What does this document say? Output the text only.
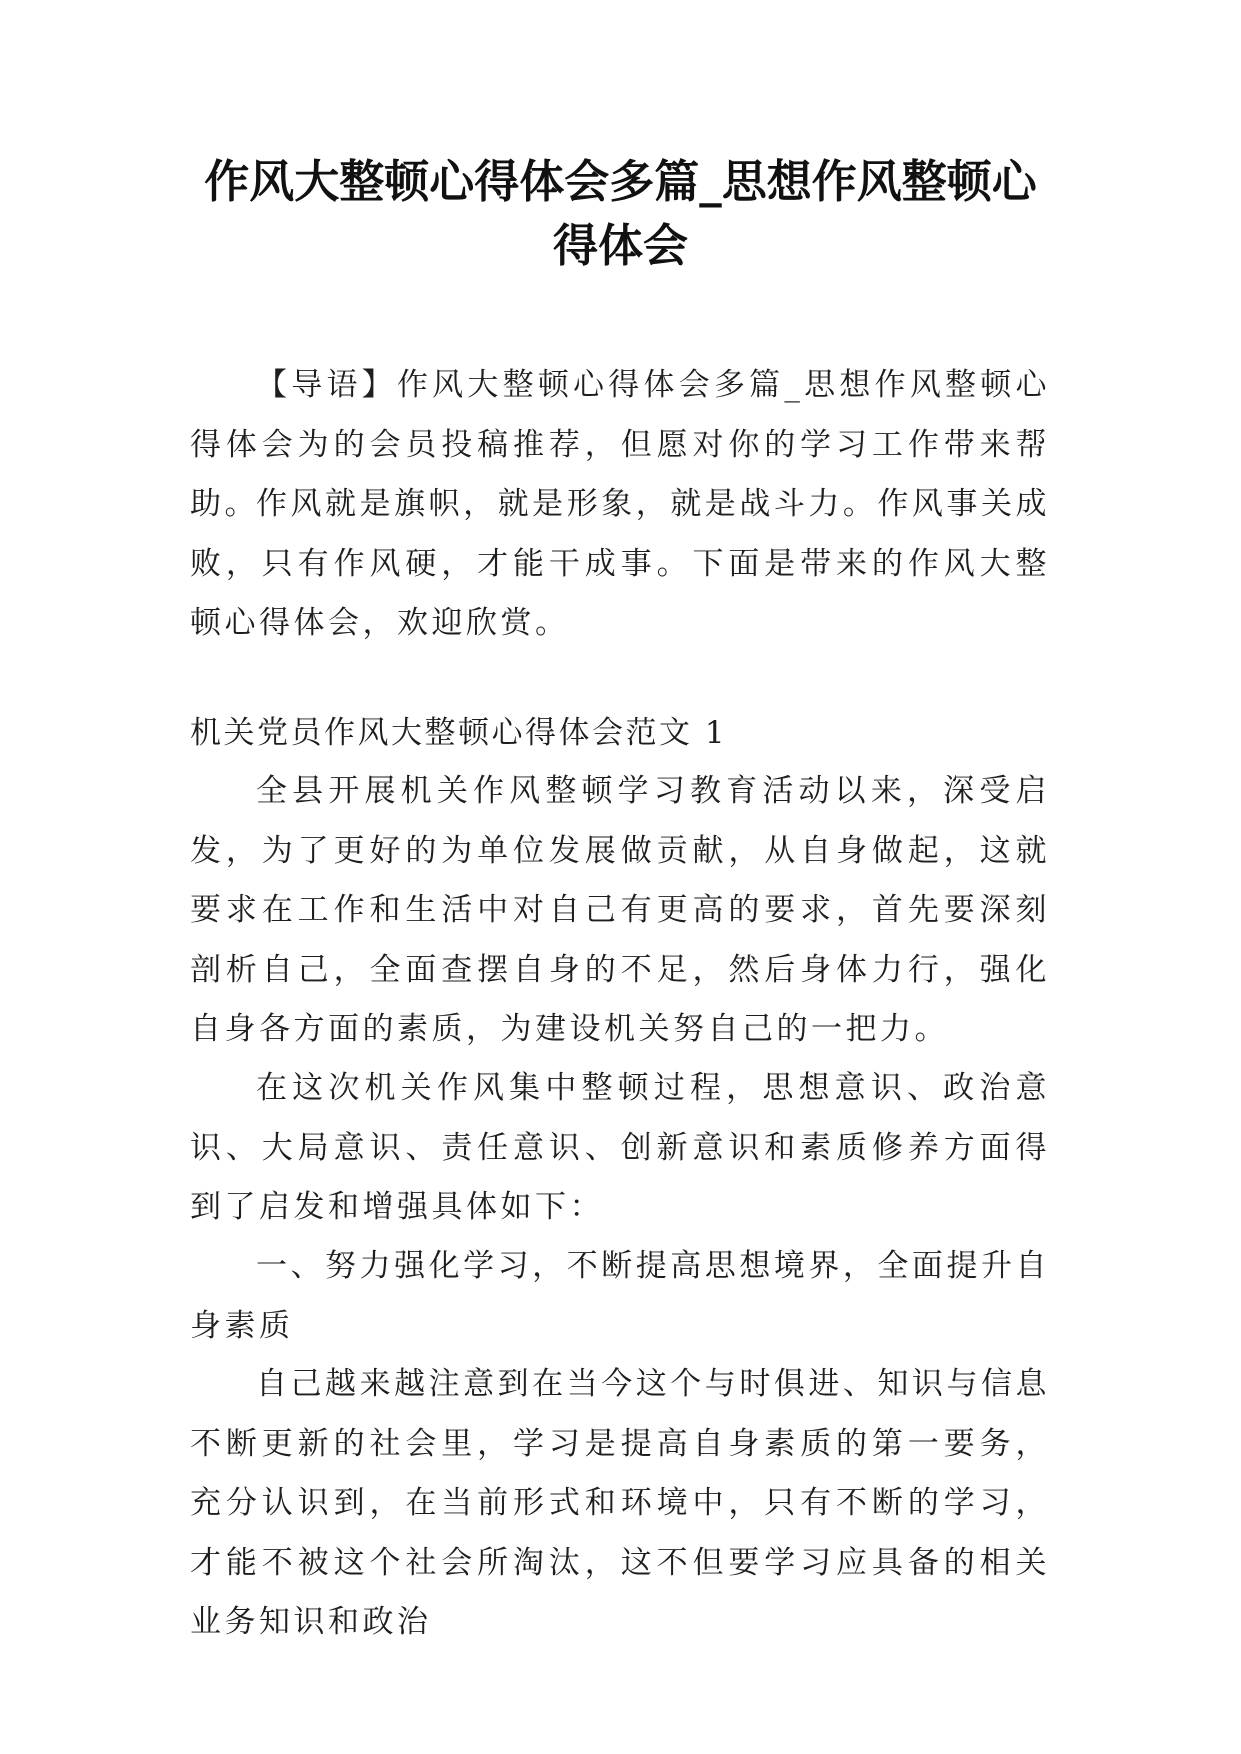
作风大整顿心得体会多篇_思想作风整顿心
得体会

【导语】作风大整顿心得体会多篇_思想作风整顿心得体会为的会员投稿推荐，但愿对你的学习工作带来帮助。

作风就是旗帜，就是形象，就是战斗力。作风事关成败，只有作风硬，才能干成事。下面是带来的作风大整顿心得体会，欢迎欣赏。

机关党员作风大整顿心得体会范文 1

全县开展机关作风整顿学习教育活动以来，深受启发，为了更好的为单位发展做贡献，从自身做起，这就要求在工作和生活中对自己有更高的要求，首先要深刻剖析自己，全面查摆自身的不足，然后身体力行，强化自身各方面的素质，为建设机关努自己的一把力。

在这次机关作风集中整顿过程，思想意识、政治意识、大局意识、责任意识、创新意识和素质修养方面得到了启发和增强具体如下：

一、努力强化学习，不断提高思想境界，全面提升自身素质

自己越来越注意到在当今这个与时俱进、知识与信息不断更新的社会里，学习是提高自身素质的第一要务，充分认识到，在当前形式和环境中，只有不断的学习，才能不被这个社会所淘汰，这不但要学习应具备的相关业务知识和政治
